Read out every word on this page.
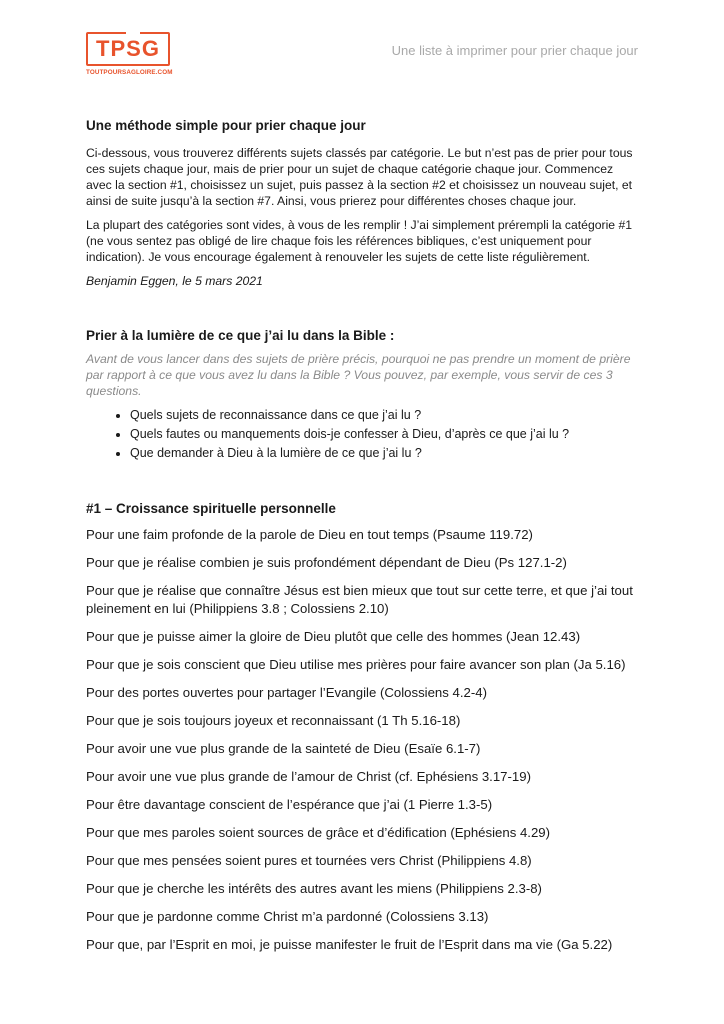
TPSG
TOUTPOURSAGLOIRE.COM
Une liste à imprimer pour prier chaque jour

Une méthode simple pour prier chaque jour

Ci-dessous, vous trouverez différents sujets classés par catégorie. Le but n’est pas de prier pour tous ces sujets chaque jour, mais de prier pour un sujet de chaque catégorie chaque jour. Commencez avec la section #1, choisissez un sujet, puis passez à la section #2 et choisissez un nouveau sujet, et ainsi de suite jusqu’à la section #7. Ainsi, vous prierez pour différentes choses chaque jour.

La plupart des catégories sont vides, à vous de les remplir ! J’ai simplement prérempli la catégorie #1 (ne vous sentez pas obligé de lire chaque fois les références bibliques, c’est uniquement pour indication). Je vous encourage également à renouveler les sujets de cette liste régulièrement.

Benjamin Eggen, le 5 mars 2021

Prier à la lumière de ce que j’ai lu dans la Bible :

Avant de vous lancer dans des sujets de prière précis, pourquoi ne pas prendre un moment de prière par rapport à ce que vous avez lu dans la Bible ? Vous pouvez, par exemple, vous servir de ces 3 questions.

• Quels sujets de reconnaissance dans ce que j’ai lu ?
• Quels fautes ou manquements dois-je confesser à Dieu, d’après ce que j’ai lu ?
• Que demander à Dieu à la lumière de ce que j’ai lu ?

#1 – Croissance spirituelle personnelle

Pour une faim profonde de la parole de Dieu en tout temps (Psaume 119.72)

Pour que je réalise combien je suis profondément dépendant de Dieu (Ps 127.1-2)

Pour que je réalise que connaître Jésus est bien mieux que tout sur cette terre, et que j’ai tout pleinement en lui (Philippiens 3.8 ; Colossiens 2.10)

Pour que je puisse aimer la gloire de Dieu plutôt que celle des hommes (Jean 12.43)

Pour que je sois conscient que Dieu utilise mes prières pour faire avancer son plan (Ja 5.16)

Pour des portes ouvertes pour partager l’Evangile (Colossiens 4.2-4)

Pour que je sois toujours joyeux et reconnaissant (1 Th 5.16-18)

Pour avoir une vue plus grande de la sainteté de Dieu (Esaïe 6.1-7)

Pour avoir une vue plus grande de l’amour de Christ (cf. Ephésiens 3.17-19)

Pour être davantage conscient de l’espérance que j’ai (1 Pierre 1.3-5)

Pour que mes paroles soient sources de grâce et d’édification (Ephésiens 4.29)

Pour que mes pensées soient pures et tournées vers Christ (Philippiens 4.8)

Pour que je cherche les intérêts des autres avant les miens (Philippiens 2.3-8)

Pour que je pardonne comme Christ m’a pardonné (Colossiens 3.13)

Pour que, par l’Esprit en moi, je puisse manifester le fruit de l’Esprit dans ma vie (Ga 5.22)
